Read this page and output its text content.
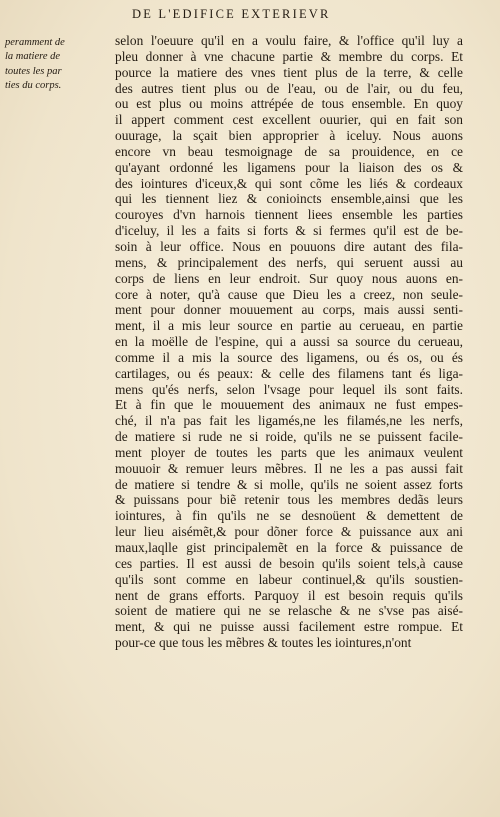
DE L'EDIFICE EXTERIEVR
peramment de
la matiere de
toutes les par
ties du corps.
selon l'oeuure qu'il en a voulu faire, & l'office qu'il luy a
pleu donner à vne chacune partie & membre du corps. Et
pource la matiere des vnes tient plus de la terre, & celle
des autres tient plus ou de l'eau, ou de l'air, ou du feu,
ou est plus ou moins attrépée de tous ensemble. En quoy
il appert comment cest excellent ouurier, qui en fait son
ouurage, la sçait bien approprier à iceluy. Nous auons
encore vn beau tesmoignage de sa prouidence, en ce
qu'ayant ordonné les ligamens pour la liaison des os &
des iointures d'iceux,& qui sont cõme les liés & cordeaux
qui les tiennent liez & conioincts ensemble,ainsi que les
couroyes d'vn harnois tiennent liees ensemble les parties
d'iceluy, il les a faits si forts & si fermes qu'il est de be-
soin à leur office. Nous en pouuons dire autant des fila-
mens, & principalement des nerfs, qui seruent aussi au
corps de liens en leur endroit. Sur quoy nous auons en-
core à noter, qu'à cause que Dieu les a creez, non seule-
ment pour donner mouuement au corps, mais aussi senti-
ment, il a mis leur source en partie au cerueau, en partie
en la moëlle de l'espine, qui a aussi sa source du cerueau,
comme il a mis la source des ligamens, ou és os, ou és
cartilages, ou és peaux: & celle des filamens tant és liga-
mens qu'és nerfs, selon l'vsage pour lequel ils sont faits.
Et à fin que le mouuement des animaux ne fust empes-
ché, il n'a pas fait les ligamés,ne les filamés,ne les nerfs,
de matiere si rude ne si roide, qu'ils ne se puissent facile-
ment ployer de toutes les parts que les animaux veulent
mouuoir & remuer leurs mẽbres. Il ne les a pas aussi fait
de matiere si tendre & si molle, qu'ils ne soient assez forts
& puissans pour biẽ retenir tous les membres dedãs leurs
iointures, à fin qu'ils ne se desnoüent & demettent de
leur lieu aisémẽt,& pour dõner force & puissance aux ani
maux,laqlle gist principalemẽt en la force & puissance de
ces parties. Il est aussi de besoin qu'ils soient tels,à cause
qu'ils sont comme en labeur continuel,& qu'ils soustien-
nent de grans efforts. Parquoy il est besoin requis qu'ils
soient de matiere qui ne se relasche & ne s'vse pas aisé-
ment, & qui ne puisse aussi facilement estre rompue. Et
pour-ce que tous les mẽbres & toutes les iointures,n'ont
